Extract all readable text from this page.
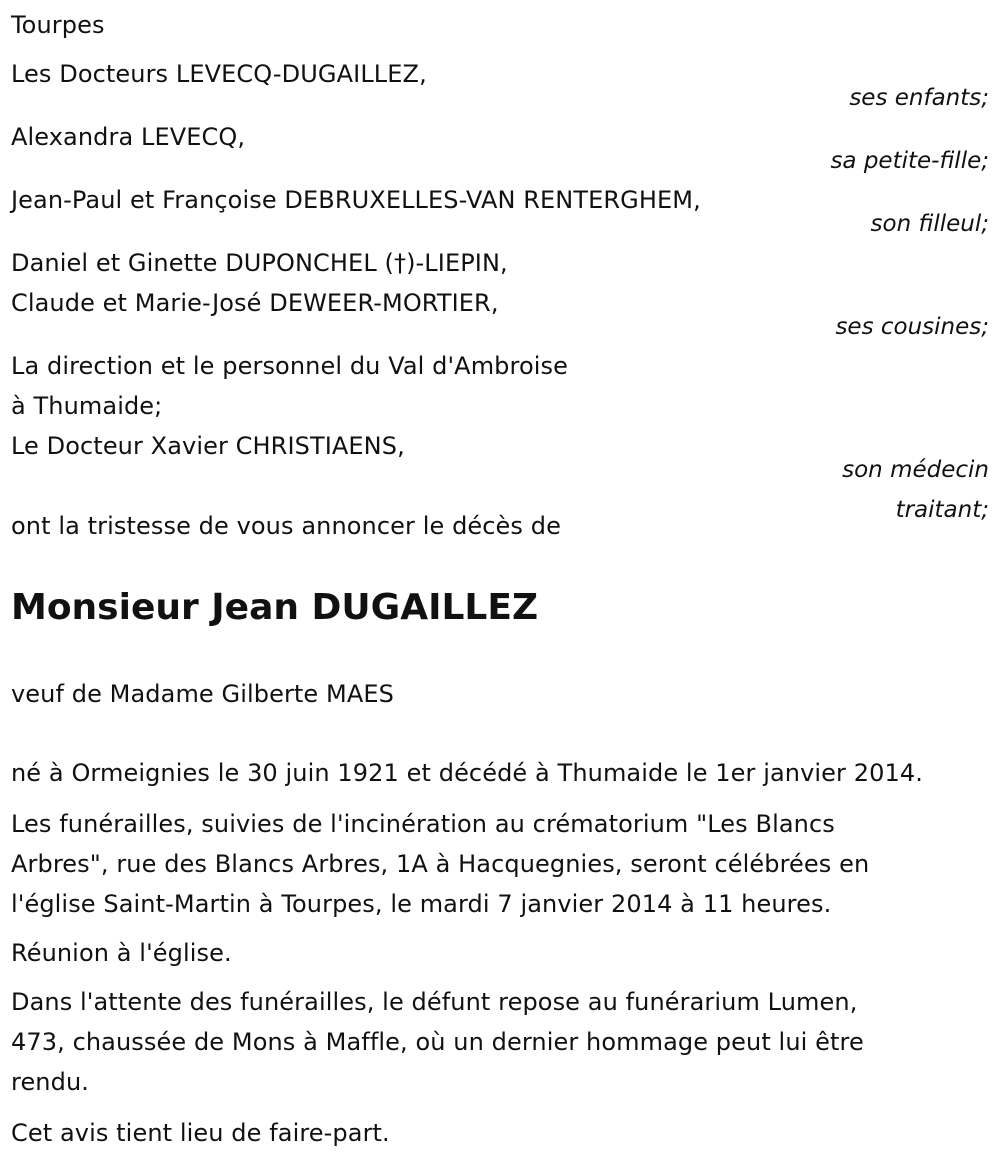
Tourpes
Les Docteurs LEVECQ-DUGAILLEZ,
ses enfants;
Alexandra LEVECQ,
sa petite-fille;
Jean-Paul et Françoise DEBRUXELLES-VAN RENTERGHEM,
son filleul;
Daniel et Ginette DUPONCHEL (†)-LIEPIN,
Claude et Marie-José DEWEER-MORTIER,
ses cousines;
La direction et le personnel du Val d'Ambroise
à Thumaide;
Le Docteur Xavier CHRISTIAENS,
son médecin
traitant;
ont la tristesse de vous annoncer le décès de
Monsieur Jean DUGAILLEZ
veuf de Madame Gilberte MAES
né à Ormeignies le 30 juin 1921 et décédé à Thumaide le 1er janvier 2014.
Les funérailles, suivies de l'incinération au crématorium "Les Blancs
Arbres", rue des Blancs Arbres, 1A à Hacquegnies, seront célébrées en
l'église Saint-Martin à Tourpes, le mardi 7 janvier 2014 à 11 heures.
Réunion à l'église.
Dans l'attente des funérailles, le défunt repose au funérarium Lumen,
473, chaussée de Mons à Maffle, où un dernier hommage peut lui être
rendu.
Cet avis tient lieu de faire-part.
